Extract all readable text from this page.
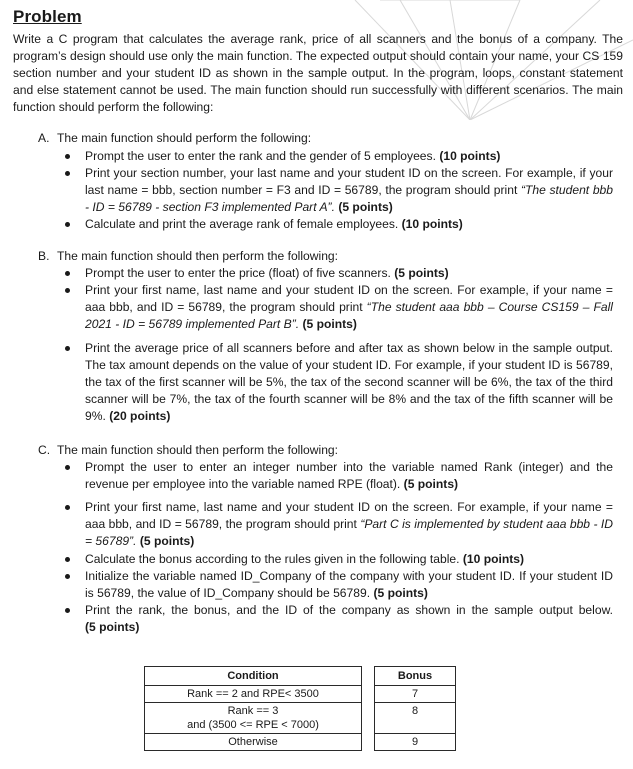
Problem

Write a C program that calculates the average rank, price of all scanners and the bonus of a company. The program’s design should use only the main function. The expected output should contain your name, your CS 159 section number and your student ID as shown in the sample output. In the program, loops, constant statement and else statement cannot be used. The main function should run successfully with different scenarios. The main function should perform the following:

A. The main function should perform the following:
Prompt the user to enter the rank and the gender of 5 employees. (10 points)
Print your section number, your last name and your student ID on the screen. For example, if your last name = bbb, section number = F3 and ID = 56789, the program should print “The student bbb - ID = 56789 - section F3 implemented Part A”. (5 points)
Calculate and print the average rank of female employees. (10 points)
B. The main function should then perform the following:
Prompt the user to enter the price (float) of five scanners. (5 points)
Print your first name, last name and your student ID on the screen. For example, if your name = aaa bbb, and ID = 56789, the program should print “The student aaa bbb – Course CS159 – Fall 2021 - ID = 56789 implemented Part B”. (5 points)
Print the average price of all scanners before and after tax as shown below in the sample output. The tax amount depends on the value of your student ID. For example, if your student ID is 56789, the tax of the first scanner will be 5%, the tax of the second scanner will be 6%, the tax of the third scanner will be 7%, the tax of the fourth scanner will be 8% and the tax of the fifth scanner will be 9%. (20 points)
C. The main function should then perform the following:
Prompt the user to enter an integer number into the variable named Rank (integer) and the revenue per employee into the variable named RPE (float). (5 points)
Print your first name, last name and your student ID on the screen. For example, if your name = aaa bbb, and ID = 56789, the program should print “Part C is implemented by student aaa bbb - ID = 56789”. (5 points)
Calculate the bonus according to the rules given in the following table. (10 points)
Initialize the variable named ID_Company of the company with your student ID. If your student ID is 56789, the value of ID_Company should be 56789. (5 points)
Print the rank, the bonus, and the ID of the company as shown in the sample output below. (5 points)
Condition		Bonus
Rank == 2 and RPE< 3500		7

Rank == 3
and (3500 <= RPE < 7000)		8
Otherwise		9
